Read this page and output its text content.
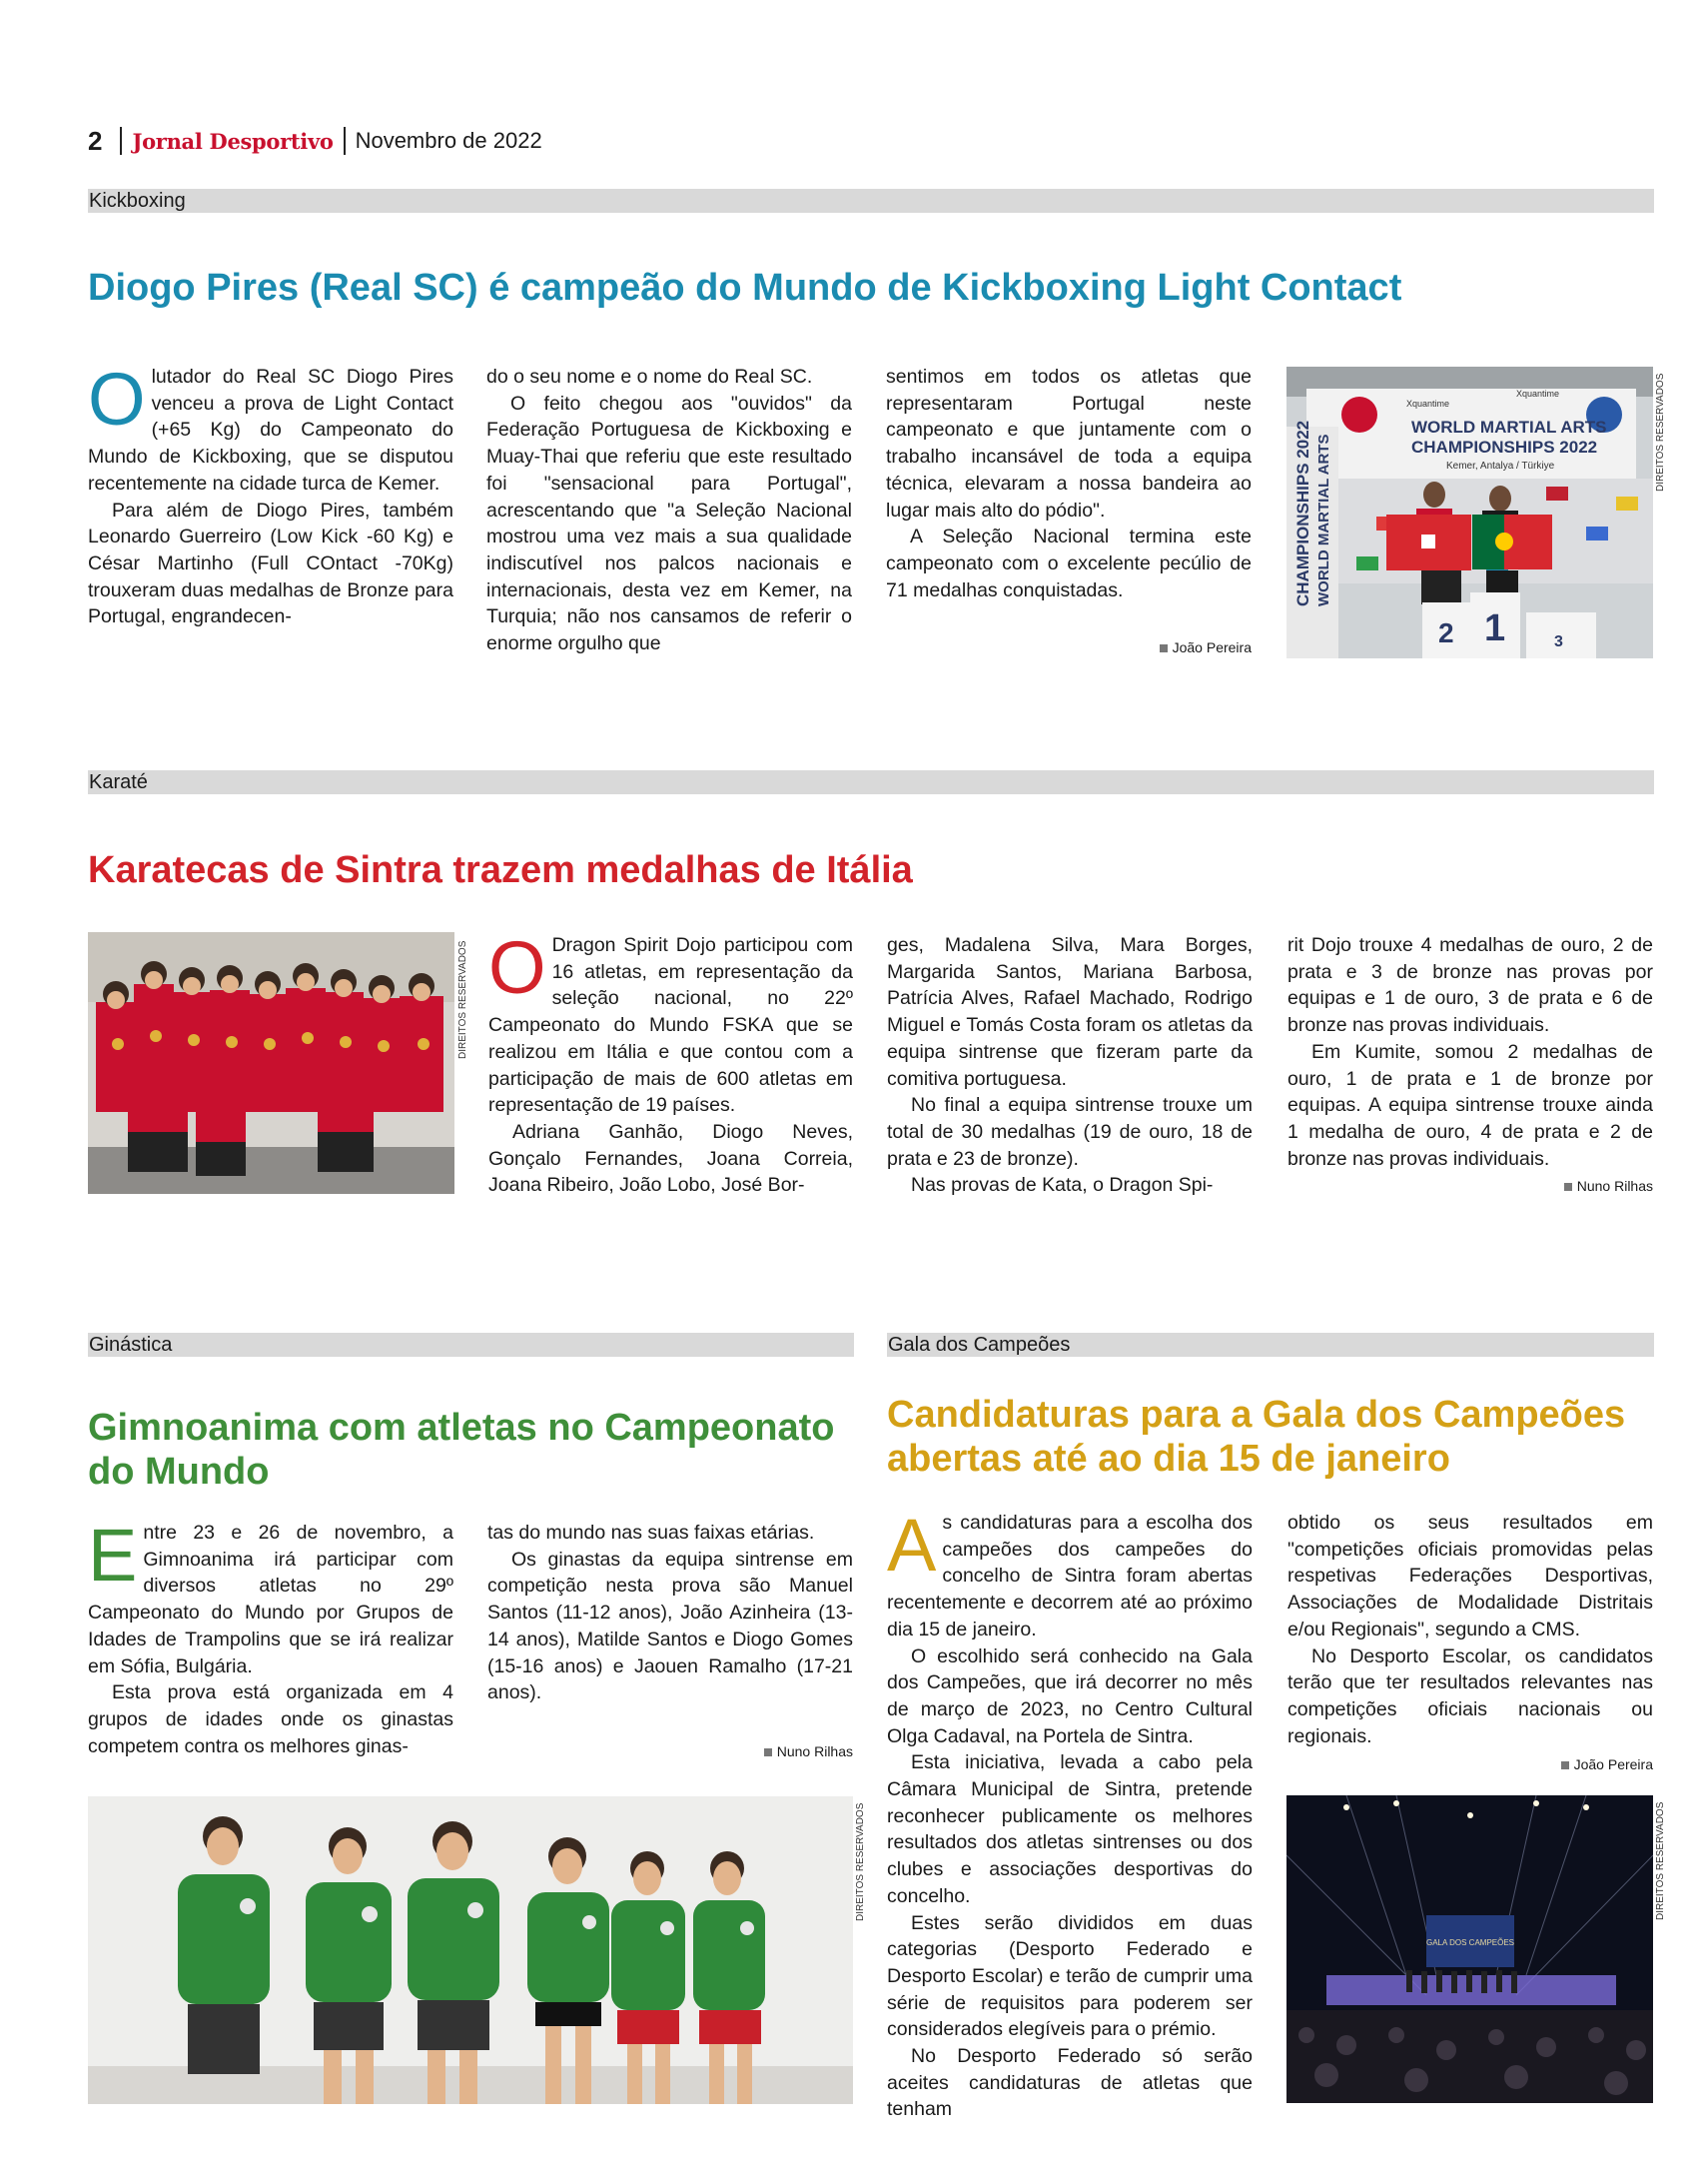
2 Jornal Desportivo Novembro de 2022
Kickboxing
Diogo Pires (Real SC) é campeão do Mundo de Kickboxing Light Contact

Olutador do Real SC Diogo Pires venceu a prova de Light Contact (+65 Kg) do Campeonato do Mundo de Kickboxing, que se disputou recentemente na cidade turca de Kemer.

Para além de Diogo Pires, também Leonardo Guerreiro (Low Kick -60 Kg) e César Martinho (Full COntact -70Kg) trouxeram duas medalhas de Bronze para Portugal, engrandecen-

do o seu nome e o nome do Real SC.

O feito chegou aos "ouvidos" da Federação Portuguesa de Kickboxing e Muay-Thai que referiu que este resultado foi "sensacional para Portugal", acrescentando que "a Seleção Nacional mostrou uma vez mais a sua qualidade indiscutível nos palcos nacionais e internacionais, desta vez em Kemer, na Turquia; não nos cansamos de referir o enorme orgulho que

sentimos em todos os atletas que representaram Portugal neste campeonato e que juntamente com o trabalho incansável de toda a equipa técnica, elevaram a nossa bandeira ao lugar mais alto do pódio".

A Seleção Nacional termina este campeonato com o excelente pecúlio de 71 medalhas conquistadas.

João Pereira
Xquantime
Xquantime
WORLD MARTIAL ARTS
CHAMPIONSHIPS 2022
Kemer, Antalya / Türkiye
CHAMPIONSHIPS 2022 WORLD MARTIAL ARTS
2 1	3
DIREITOS RESERVADOS
Karaté
Karatecas de Sintra trazem medalhas de Itália
DIREITOS RESERVADOS O Dragon Spirit Dojo participou com 16 atletas, em representação da seleção nacional, no 22º Campeonato do Mundo FSKA que se realizou em Itália e que contou com a participação de mais de 600 atletas em representação de 19 países.

Adriana Ganhão, Diogo Neves, Gonçalo Fernandes, Joana Correia, Joana Ribeiro, João Lobo, José Bor-

ges, Madalena Silva, Mara Borges, Margarida Santos, Mariana Barbosa, Patrícia Alves, Rafael Machado, Rodrigo Miguel e Tomás Costa foram os atletas da equipa sintrense que fizeram parte da comitiva portuguesa.

No final a equipa sintrense trouxe um total de 30 medalhas (19 de ouro, 18 de prata e 23 de bronze).

Nas provas de Kata, o Dragon Spi-

rit Dojo trouxe 4 medalhas de ouro, 2 de prata e 3 de bronze nas provas por equipas e 1 de ouro, 3 de prata e 6 de bronze nas provas individuais.

Em Kumite, somou 2 medalhas de ouro, 1 de prata e 1 de bronze por equipas. A equipa sintrense trouxe ainda 1 medalha de ouro, 4 de prata e 2 de bronze nas provas individuais.

Nuno Rilhas
Ginástica
Gimnoanima com atletas no Campeonato do Mundo

Entre 23 e 26 de novembro, a Gimnoanima irá participar com diversos atletas no 29º Campeonato do Mundo por Grupos de Idades de Trampolins que se irá realizar em Sófia, Bulgária.

Esta prova está organizada em 4 grupos de idades onde os ginastas competem contra os melhores ginas-

tas do mundo nas suas faixas etárias.

Os ginastas da equipa sintrense em competição nesta prova são Manuel Santos (11-12 anos), João Azinheira (13-14 anos), Matilde Santos e Diogo Gomes (15-16 anos) e Jaouen Ramalho (17-21 anos).

Nuno Rilhas
DIREITOS RESERVADOS
Gala dos Campeões
Candidaturas para a Gala dos Campeões abertas até ao dia 15 de janeiro

As candidaturas para a escolha dos campeões dos campeões do concelho de Sintra foram abertas recentemente e decorrem até ao próximo dia 15 de janeiro.

O escolhido será conhecido na Gala dos Campeões, que irá decorrer no mês de março de 2023, no Centro Cultural Olga Cadaval, na Portela de Sintra.

Esta iniciativa, levada a cabo pela Câmara Municipal de Sintra, pretende reconhecer publicamente os melhores resultados dos atletas sintrenses ou dos clubes e associações desportivas do concelho.

Estes serão divididos em duas categorias (Desporto Federado e Desporto Escolar) e terão de cumprir uma série de requisitos para poderem ser considerados elegíveis para o prémio.

No Desporto Federado só serão aceites candidaturas de atletas que tenham

obtido os seus resultados em "competições oficiais promovidas pelas respetivas Federações Desportivas, Associações de Modalidade Distritais e/ou Regionais", segundo a CMS.

No Desporto Escolar, os candidatos terão que ter resultados relevantes nas competições oficiais nacionais ou regionais.

João Pereira
GALA DOS CAMPEÕES
DIREITOS RESERVADOS
